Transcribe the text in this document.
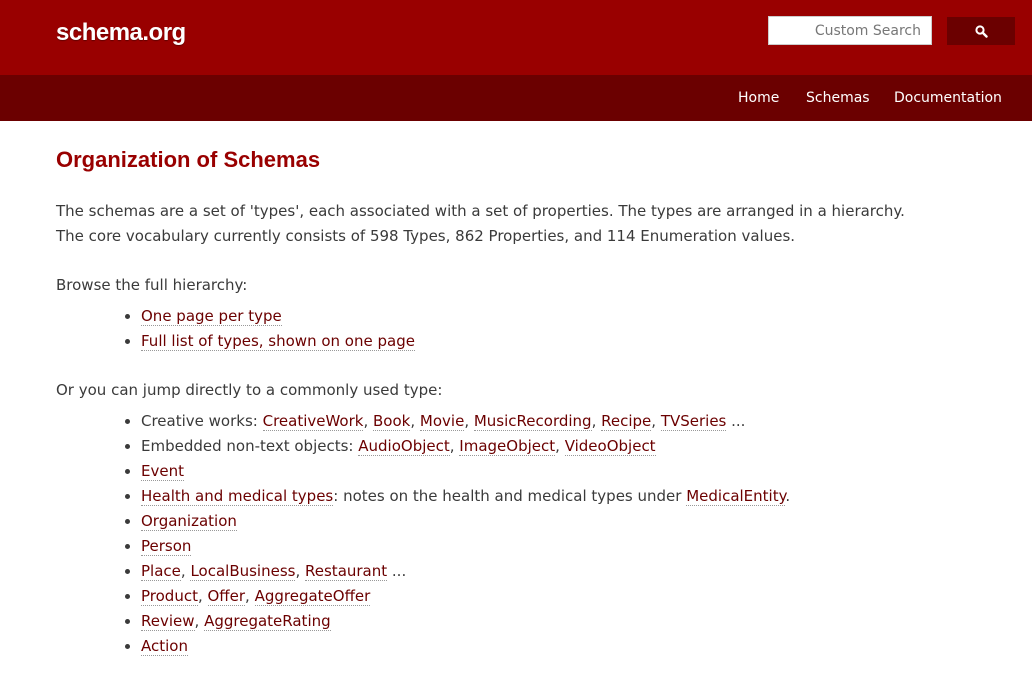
schema.org
Custom Search
Home Schemas Documentation
Organization of Schemas

The schemas are a set of 'types', each associated with a set of properties. The types are arranged in a hierarchy.
The core vocabulary currently consists of 598 Types, 862 Properties, and 114 Enumeration values.

Browse the full hierarchy:

• One page per type
• Full list of types, shown on one page

Or you can jump directly to a commonly used type:

• Creative works: CreativeWork, Book, Movie, MusicRecording, Recipe, TVSeries ...
• Embedded non-text objects: AudioObject, ImageObject, VideoObject
• Event
• Health and medical types: notes on the health and medical types under MedicalEntity.
• Organization
• Person
• Place, LocalBusiness, Restaurant ...
• Product, Offer, AggregateOffer
• Review, AggregateRating
• Action
